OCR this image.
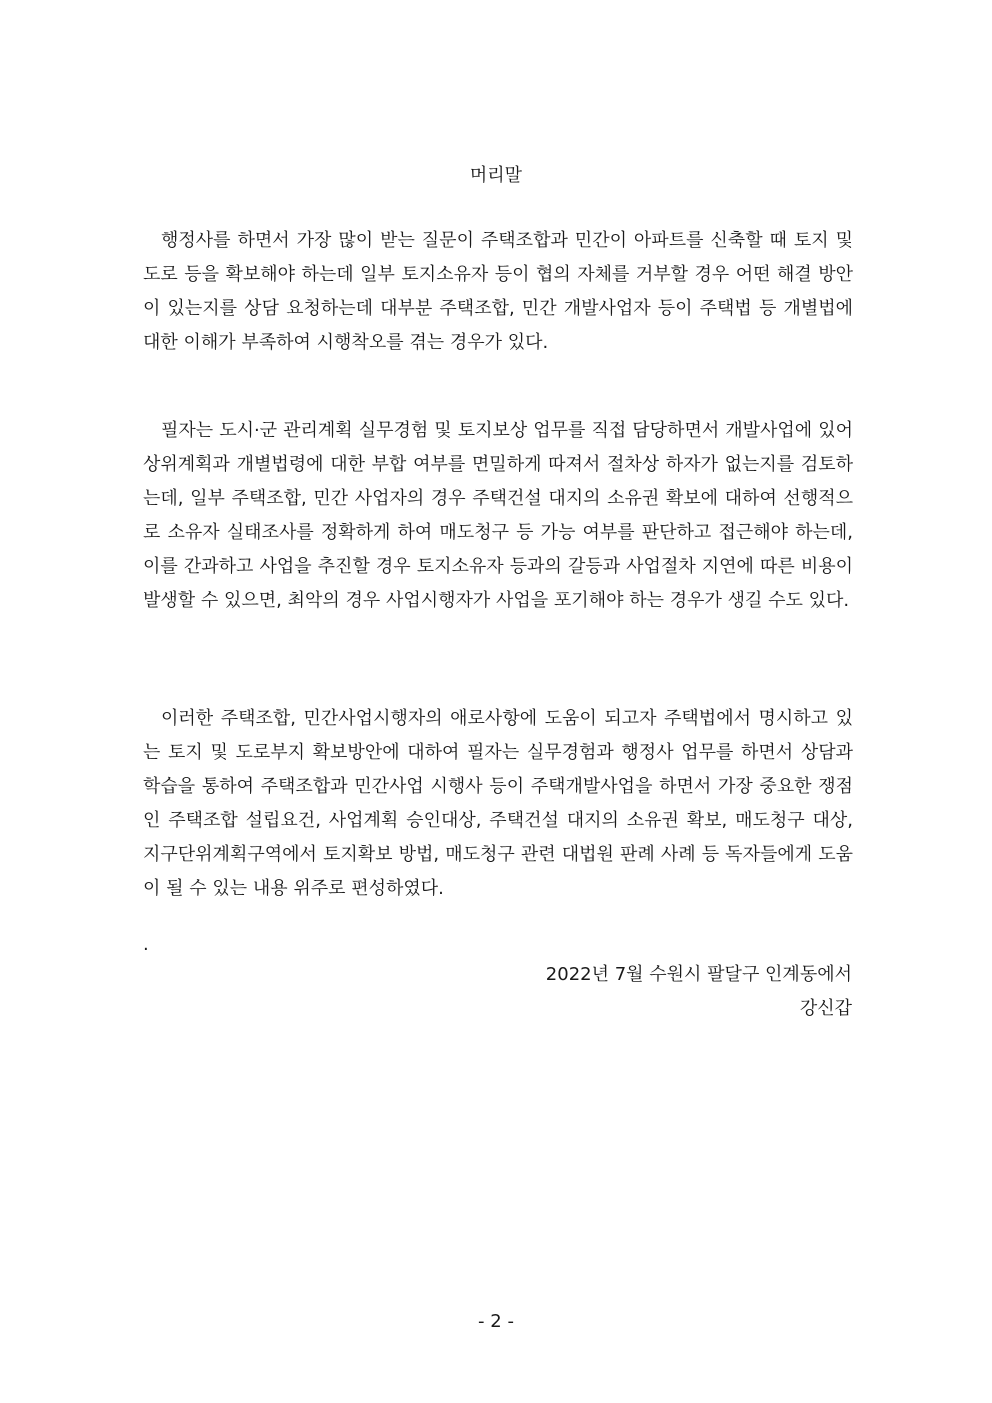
머리말

행정사를 하면서 가장 많이 받는 질문이 주택조합과 민간이 아파트를 신축할 때 토지 및 도로 등을 확보해야 하는데 일부 토지소유자 등이 협의 자체를 거부할 경우 어떤 해결 방안이 있는지를 상담 요청하는데 대부분 주택조합, 민간 개발사업자 등이 주택법 등 개별법에 대한 이해가 부족하여 시행착오를 겪는 경우가 있다.

필자는 도시·군 관리계획 실무경험 및 토지보상 업무를 직접 담당하면서 개발사업에 있어 상위계획과 개별법령에 대한 부합 여부를 면밀하게 따져서 절차상 하자가 없는지를 검토하는데, 일부 주택조합, 민간 사업자의 경우 주택건설 대지의 소유권 확보에 대하여 선행적으로 소유자 실태조사를 정확하게 하여 매도청구 등 가능 여부를 판단하고 접근해야 하는데, 이를 간과하고 사업을 추진할 경우 토지소유자 등과의 갈등과 사업절차 지연에 따른 비용이 발생할 수 있으면, 최악의 경우 사업시행자가 사업을 포기해야 하는 경우가 생길 수도 있다.

이러한 주택조합, 민간사업시행자의 애로사항에 도움이 되고자 주택법에서 명시하고 있는 토지 및 도로부지 확보방안에 대하여 필자는 실무경험과 행정사 업무를 하면서 상담과 학습을 통하여 주택조합과 민간사업 시행사 등이 주택개발사업을 하면서 가장 중요한 쟁점인 주택조합 설립요건, 사업계획 승인대상, 주택건설 대지의 소유권 확보, 매도청구 대상, 지구단위계획구역에서 토지확보 방법, 매도청구 관련 대법원 판례 사례 등 독자들에게 도움이 될 수 있는 내용 위주로 편성하였다.

.
2022년 7월 수원시 팔달구 인계동에서
강신갑
- 2 -
